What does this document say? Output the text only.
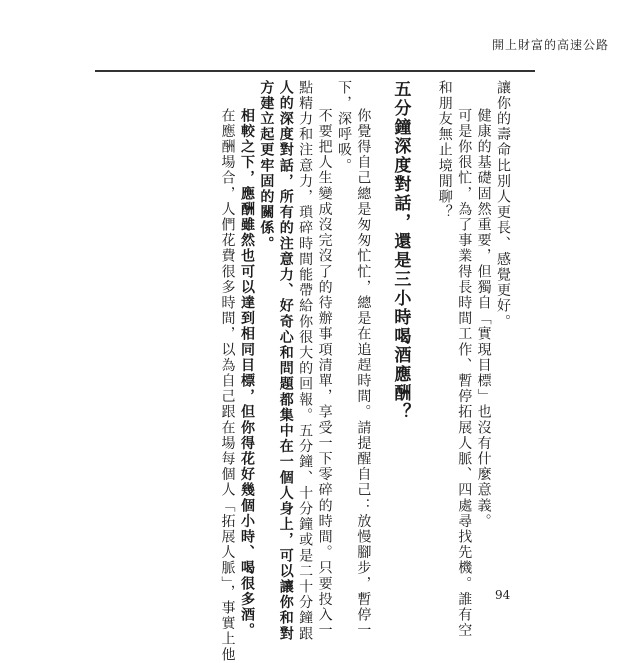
開上財富的高速公路
讓你的壽命比別人更長、感覺更好。
健康的基礎固然重要，但獨自「實現目標」也沒有什麼意義。
可是你很忙，為了事業得長時間工作、暫停拓展人脈、四處尋找先機。誰有空
和朋友無止境閒聊？
五分鐘深度對話，還是三小時喝酒應酬？
你覺得自己總是匆匆忙忙，總是在追趕時間。請提醒自己：放慢腳步，暫停一
下，深呼吸。
不要把人生變成沒完沒了的待辦事項清單，享受一下零碎的時間。只要投入一
點精力和注意力，瑣碎時間能帶給你很大的回報。五分鐘、十分鐘或是二十分鐘跟
人的深度對話，所有的注意力、好奇心和問題都集中在一個人身上，可以讓你和對
方建立起更牢固的關係。
相較之下，應酬雖然也可以達到相同目標，但你得花好幾個小時、喝很多酒。
在應酬場合，人們花費很多時間，以為自己跟在場每個人「拓展人脈」，事實上他	94
